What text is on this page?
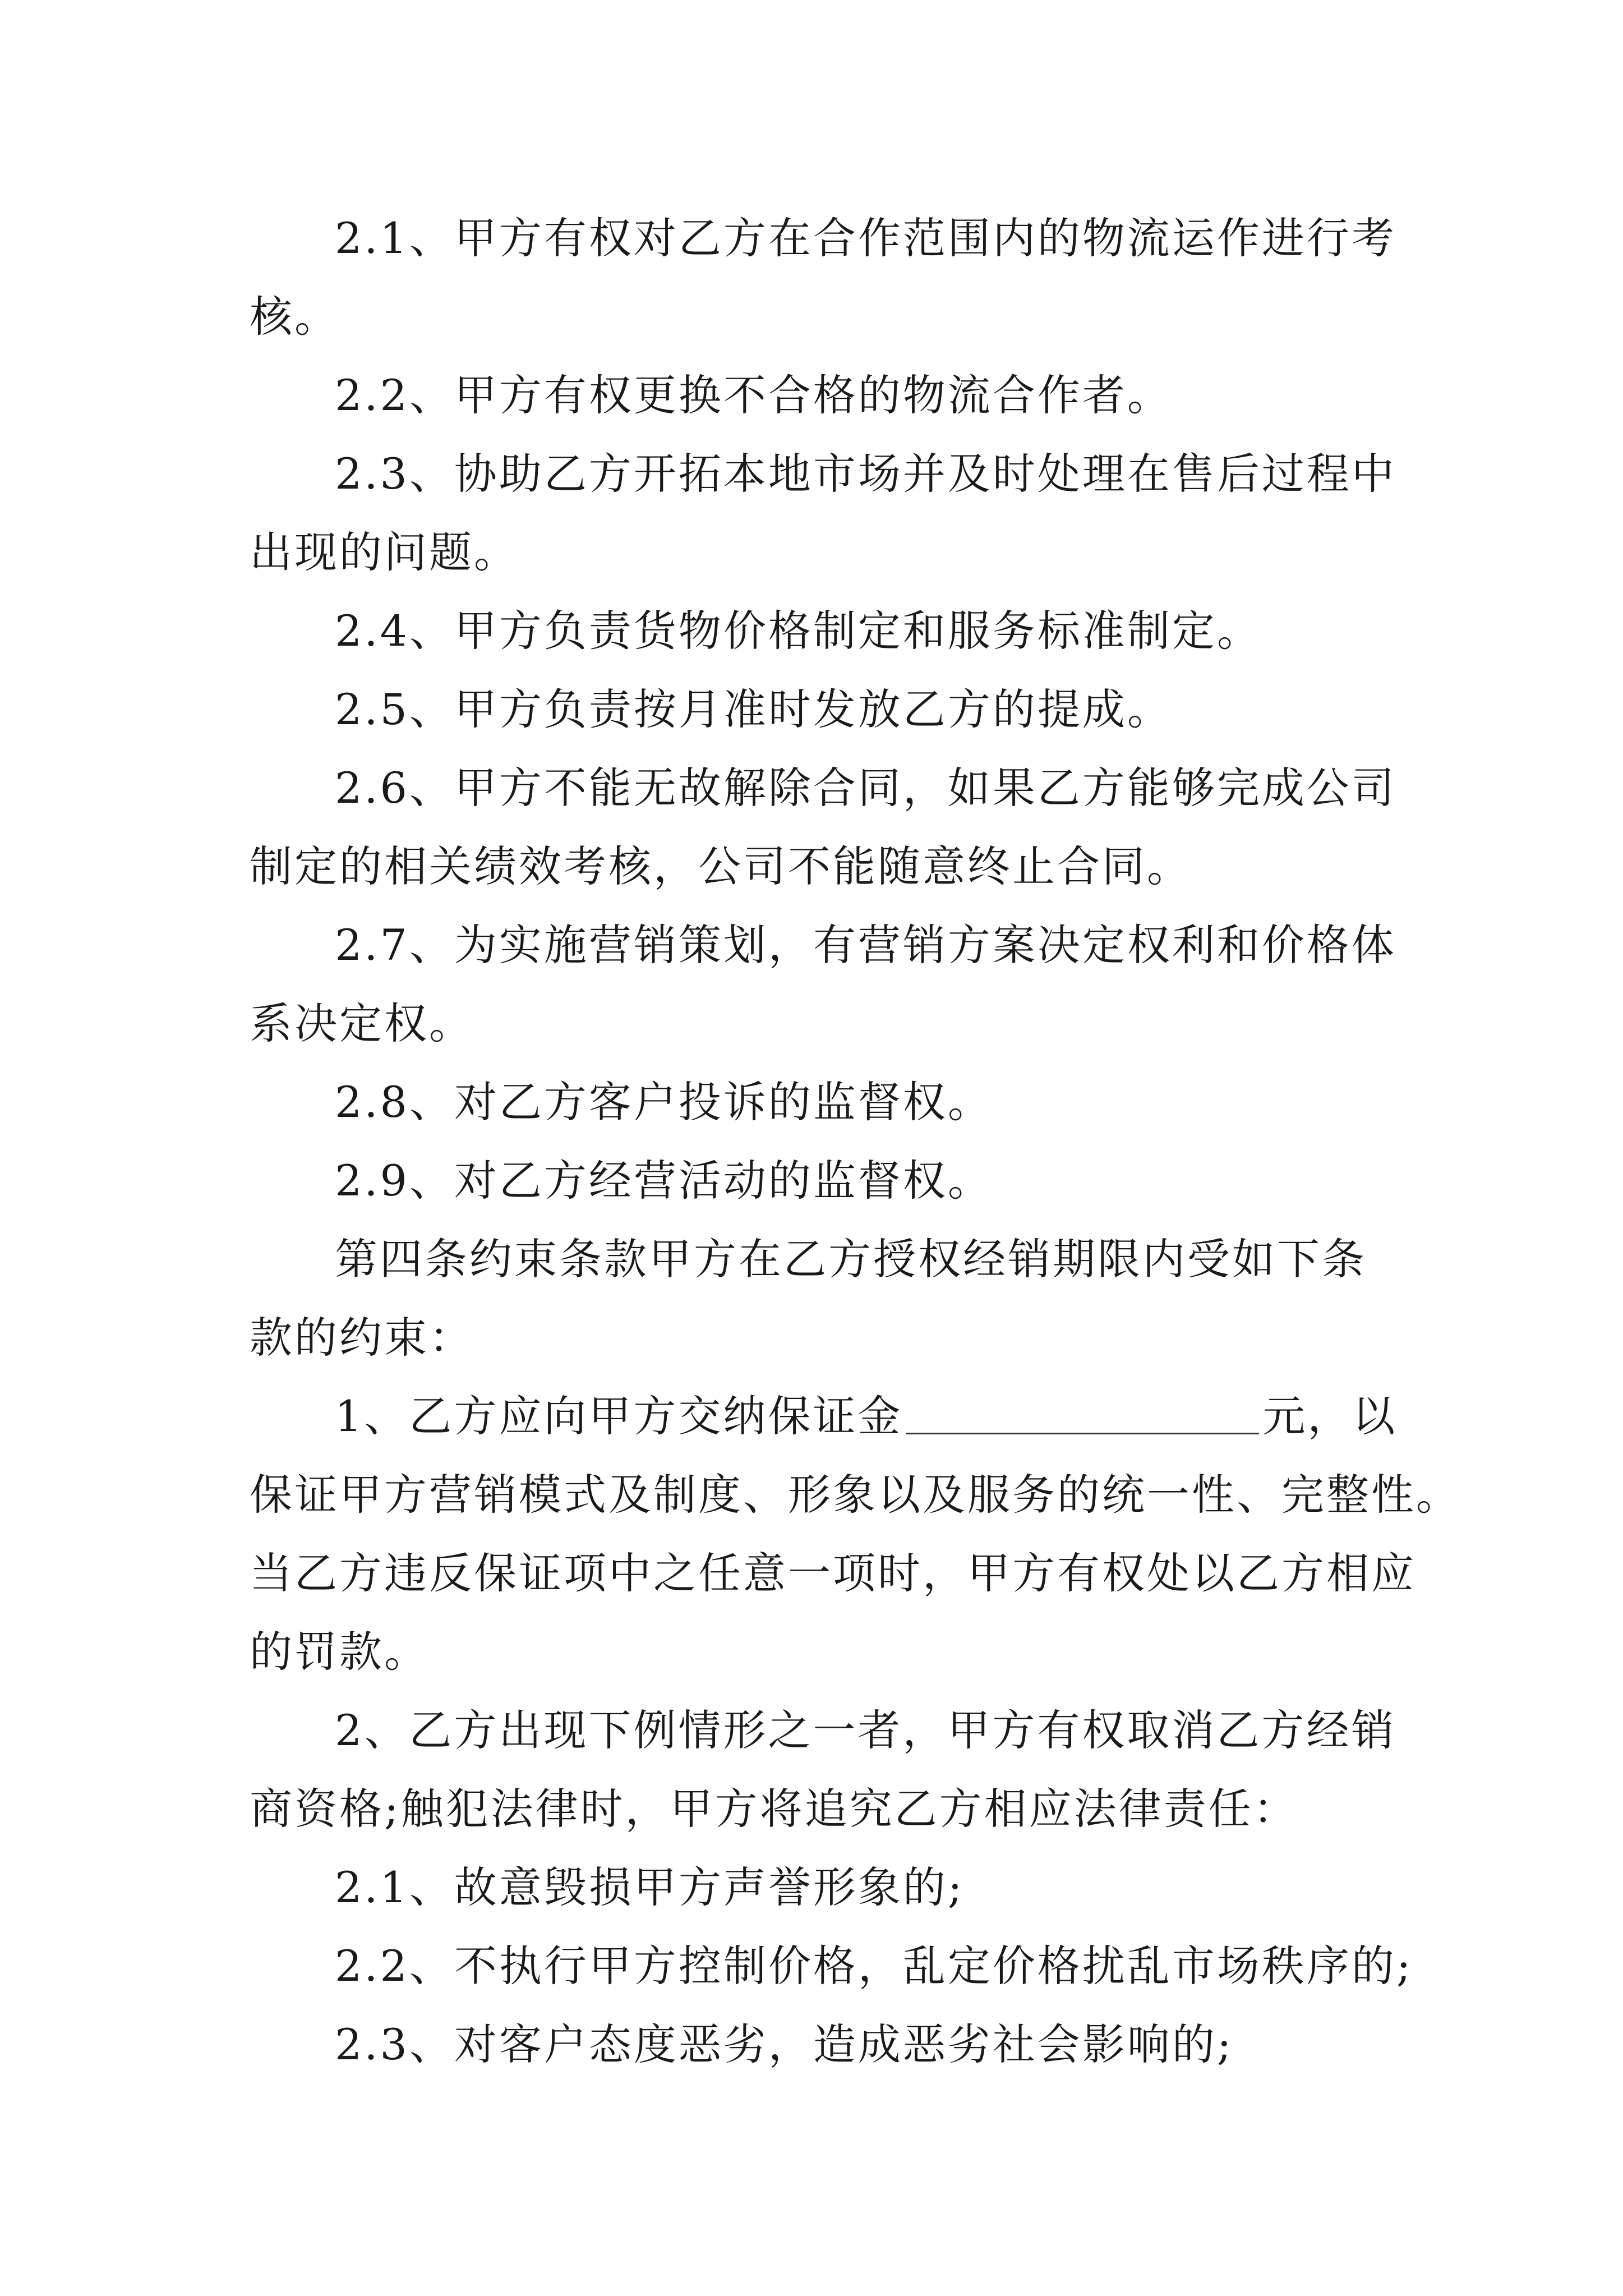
2.1、甲方有权对乙方在合作范围内的物流运作进行考
核。

2.2、甲方有权更换不合格的物流合作者。

2.3、协助乙方开拓本地市场并及时处理在售后过程中
出现的问题。

2.4、甲方负责货物价格制定和服务标准制定。

2.5、甲方负责按月准时发放乙方的提成。

2.6、甲方不能无故解除合同，如果乙方能够完成公司
制定的相关绩效考核，公司不能随意终止合同。

2.7、为实施营销策划，有营销方案决定权利和价格体
系决定权。

2.8、对乙方客户投诉的监督权。

2.9、对乙方经营活动的监督权。

第四条约束条款甲方在乙方授权经销期限内受如下条
款的约束：

1、乙方应向甲方交纳保证金	元，以
保证甲方营销模式及制度、形象以及服务的统一性、完整性。
当乙方违反保证项中之任意一项时，甲方有权处以乙方相应
的罚款。

2、乙方出现下例情形之一者，甲方有权取消乙方经销
商资格;触犯法律时，甲方将追究乙方相应法律责任：

2.1、故意毁损甲方声誉形象的;

2.2、不执行甲方控制价格，乱定价格扰乱市场秩序的;

2.3、对客户态度恶劣，造成恶劣社会影响的;
